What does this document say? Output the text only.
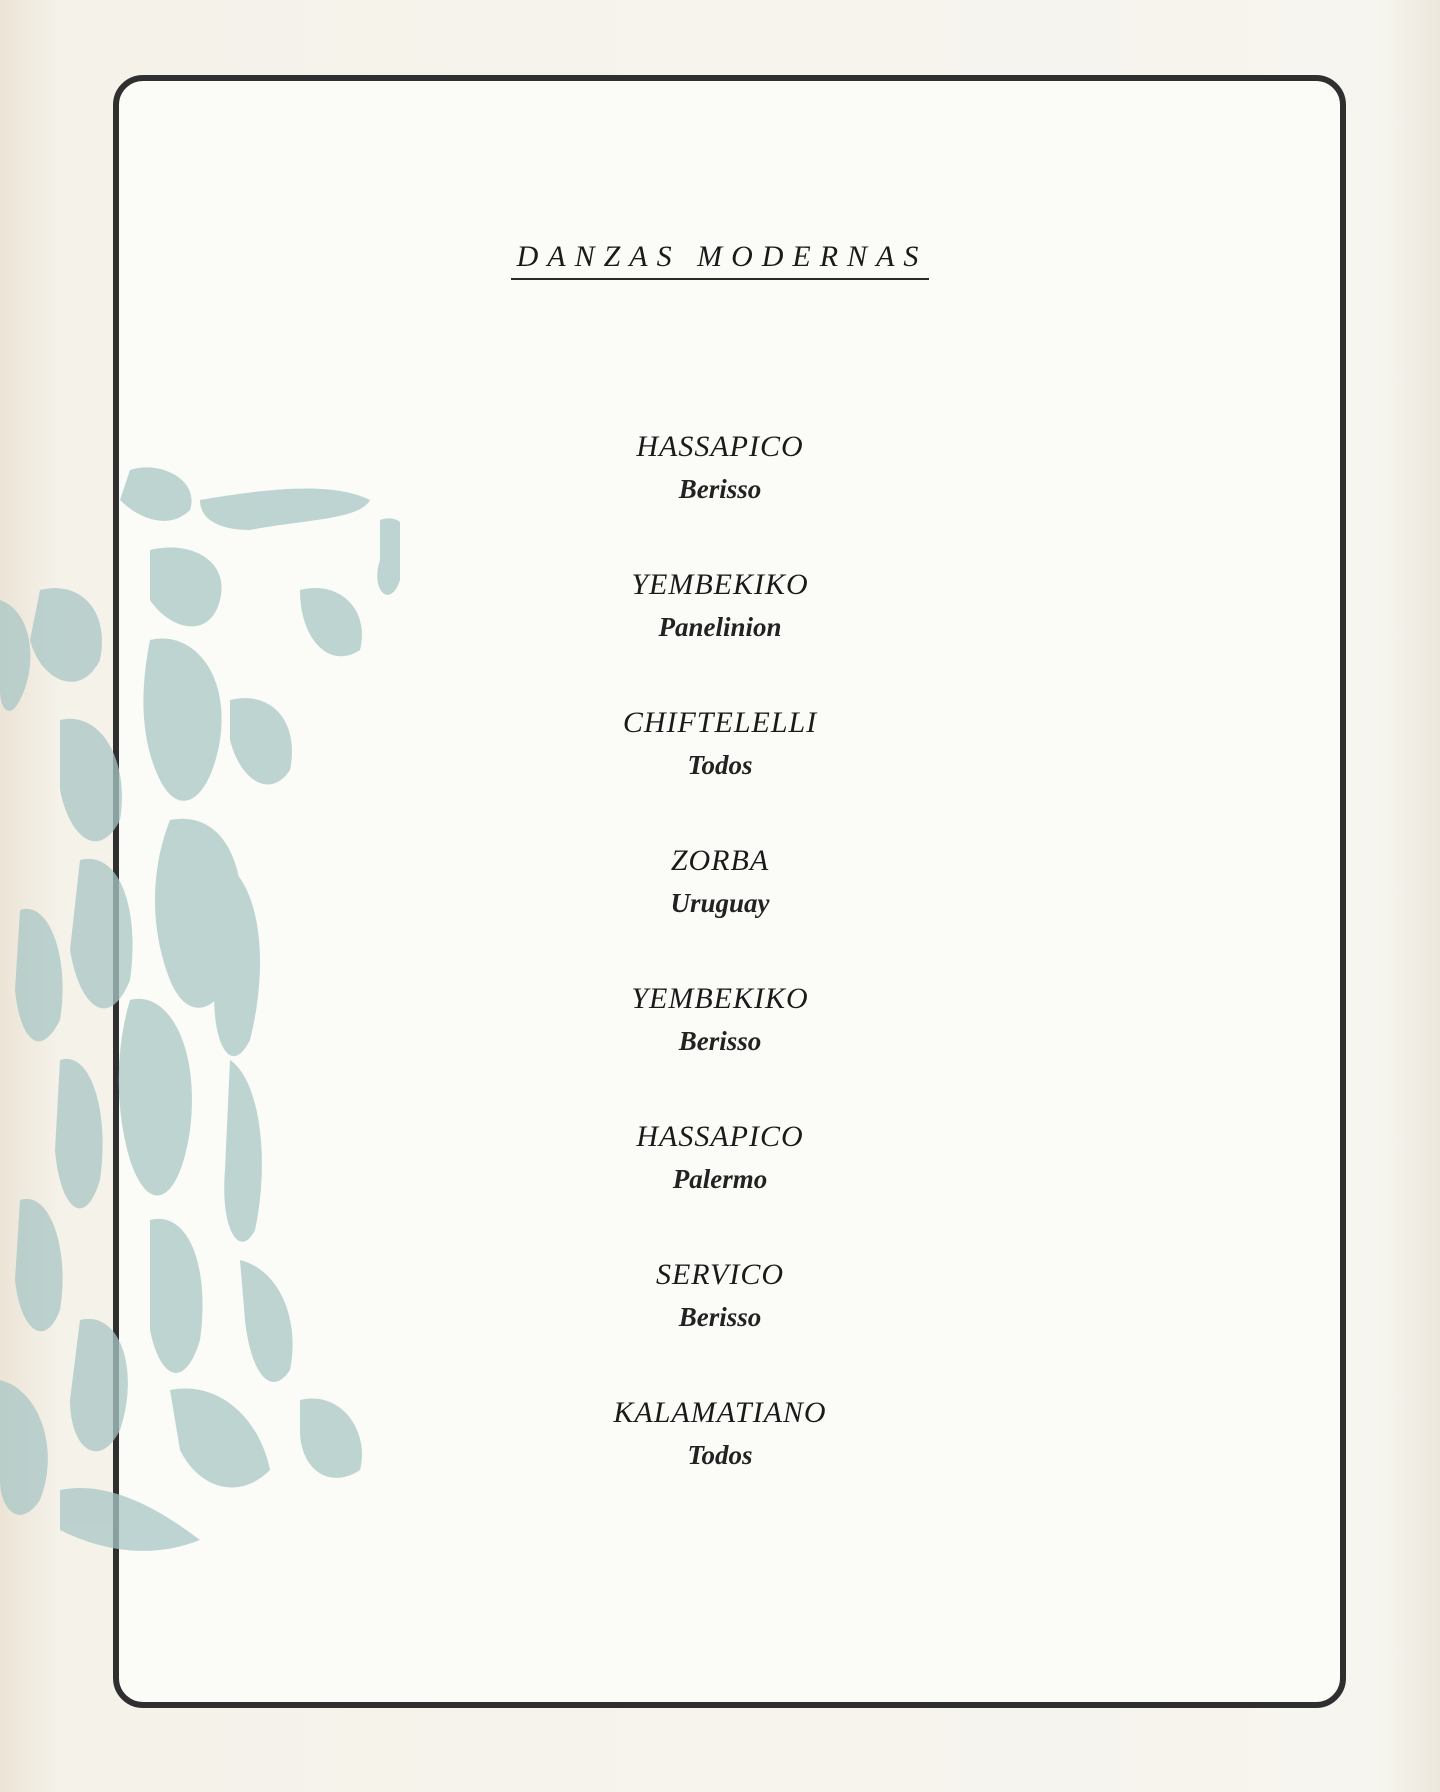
DANZAS MODERNAS
HASSAPICO
Berisso
YEMBEKIKO
Panelinion
CHIFTELELLI
Todos
ZORBA
Uruguay
YEMBEKIKO
Berisso
HASSAPICO
Palermo
SERVICO
Berisso
KALAMATIANO
Todos
